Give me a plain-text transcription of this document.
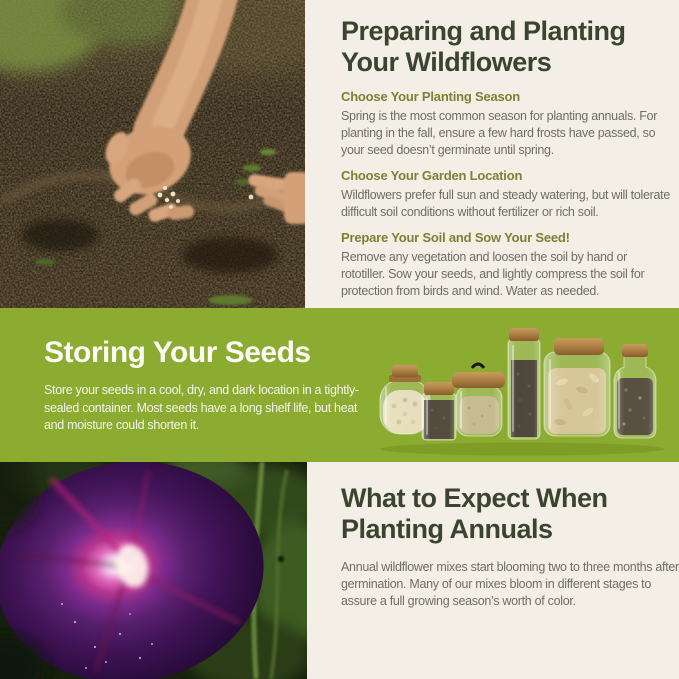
Preparing and Planting Your Wildflowers
Choose Your Planting Season

Spring is the most common season for planting annuals. For planting in the fall, ensure a few hard frosts have passed, so your seed doesn’t germinate until spring.

Choose Your Garden Location

Wildflowers prefer full sun and steady watering, but will tolerate difficult soil conditions without fertilizer or rich soil.

Prepare Your Soil and Sow Your Seed!

Remove any vegetation and loosen the soil by hand or rototiller. Sow your seeds, and lightly compress the soil for protection from birds and wind. Water as needed.

Storing Your Seeds

Store your seeds in a cool, dry, and dark location in a tightly-sealed container. Most seeds have a long shelf life, but heat and moisture could shorten it.

What to Expect When Planting Annuals

Annual wildflower mixes start blooming two to three months after germination. Many of our mixes bloom in different stages to assure a full growing season’s worth of color.
